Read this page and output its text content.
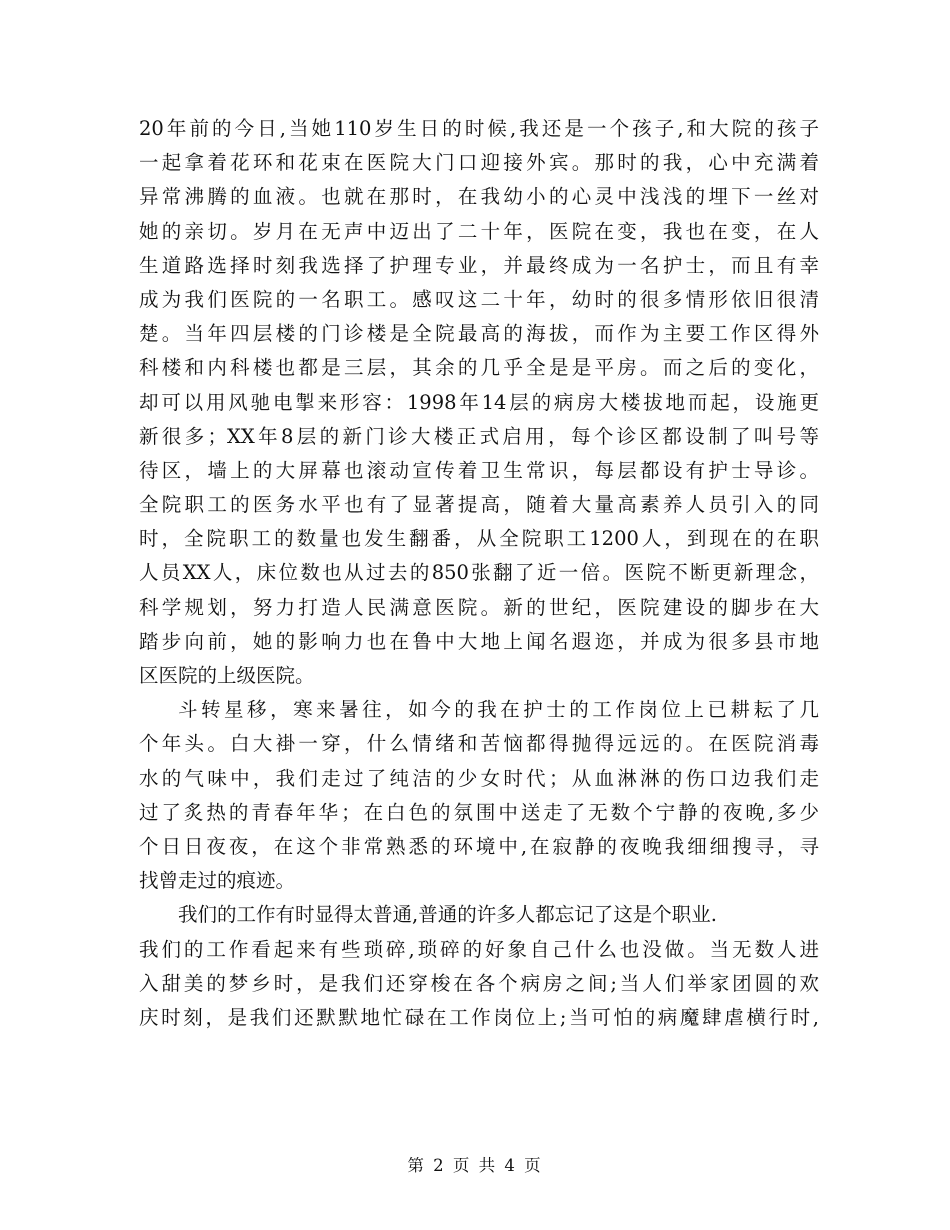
20年前的今日,当她110岁生日的时候,我还是一个孩子,和大院的孩子
一起拿着花环和花束在医院大门口迎接外宾。那时的我，心中充满着
异常沸腾的血液。也就在那时，在我幼小的心灵中浅浅的埋下一丝对
她的亲切。岁月在无声中迈出了二十年，医院在变，我也在变，在人
生道路选择时刻我选择了护理专业，并最终成为一名护士，而且有幸
成为我们医院的一名职工。感叹这二十年，幼时的很多情形依旧很清
楚。当年四层楼的门诊楼是全院最高的海拔，而作为主要工作区得外
科楼和内科楼也都是三层，其余的几乎全是是平房。而之后的变化，
却可以用风驰电掣来形容：1998年14层的病房大楼拔地而起，设施更
新很多；XX年8层的新门诊大楼正式启用，每个诊区都设制了叫号等
待区，墙上的大屏幕也滚动宣传着卫生常识，每层都设有护士导诊。
全院职工的医务水平也有了显著提高，随着大量高素养人员引入的同
时，全院职工的数量也发生翻番，从全院职工1200人，到现在的在职
人员XX人，床位数也从过去的850张翻了近一倍。医院不断更新理念，
科学规划，努力打造人民满意医院。新的世纪，医院建设的脚步在大
踏步向前，她的影响力也在鲁中大地上闻名遐迩，并成为很多县市地
区医院的上级医院。
斗转星移，寒来暑往，如今的我在护士的工作岗位上已耕耘了几
个年头。白大褂一穿，什么情绪和苦恼都得抛得远远的。在医院消毒
水的气味中，我们走过了纯洁的少女时代；从血淋淋的伤口边我们走
过了炙热的青春年华；在白色的氛围中送走了无数个宁静的夜晚,多少
个日日夜夜，在这个非常熟悉的环境中,在寂静的夜晚我细细搜寻，寻
找曾走过的痕迹。
我们的工作有时显得太普通,普通的许多人都忘记了这是个职业.
我们的工作看起来有些琐碎,琐碎的好象自己什么也没做。当无数人进
入甜美的梦乡时，是我们还穿梭在各个病房之间;当人们举家团圆的欢
庆时刻，是我们还默默地忙碌在工作岗位上;当可怕的病魔肆虐横行时,
第 2 页 共 4 页
